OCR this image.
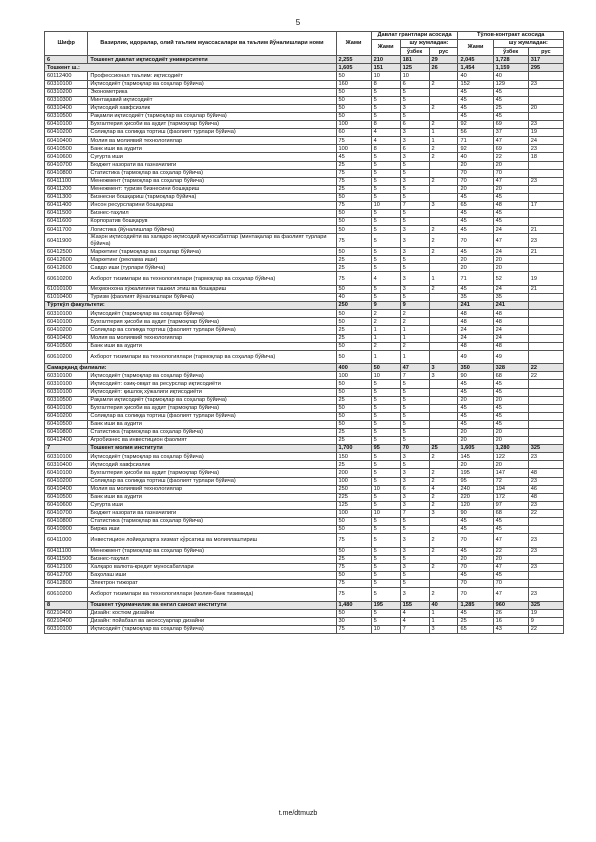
5
Шифр	Вазирлик, идоралар, олий таълим муассасалари ва таълим йўналишлари номи	Жами	Давлат грантлари асосида			Тўлов-контракт асосида		
			Жами	шу жумладан:		Жами	шу жумладан:	
				ўзбек	рус		ўзбек	рус
6	Тошкент давлат иқтисодиёт университети	2,255	210	181	29	2,045	1,728	317
Тошкент ш.:		1,605	151	125	26	1,454	1,159	295
60112400	Профессионал таълим: иқтисодиёт	50	10	10		40	40	
60310100	Иқтисодиёт (тармоқлар ва соҳалар бўйича)	160	8	6	2	152	129	23
60310200	Эконометрика	50	5	5		45	45	
60310300	Минтақавий иқтисодиёт	50	5	5		45	45	
60310400	Иқтисодий хавфсизлик	50	5	3	2	45	25	20
60310500	Рақамли иқтисодиёт (тармоқлар ва соҳалар бўйича)	50	5	5		45	45	
60410100	Бухгалтерия ҳисоби ва аудит (тармоқлар бўйича)	100	8	6	2	92	69	23
60410200	Солиқлар ва солиққа тортиш (фаолият турлари бўйича)	60	4	3	1	56	37	19
60410400	Молия ва молиявий технологиялар	75	4	3	1	71	47	24
60410500	Банк иши ва аудити	100	8	6	2	92	69	23
60410600	Суғурта иши	45	5	3	2	40	22	18
60410700	Бюджет назорати ва ғазначилиги	25	5	5		20	20	
60410800	Статистика (тармоқлар ва соҳалар бўйича)	75	5	5		70	70	
60411100	Менежмент (тармоқлар ва соҳалар бўйича)	75	5	3	2	70	47	23
60411200	Менежмент: туризм бизнесини бошқариш	25	5	5		20	20	
60411300	Бизнесни бошқариш (тармоқлар бўйича)	50	5	5		45	45	
60411400	Инсон ресурсларини бошқариш	75	10	7	3	65	48	17
60411500	Бизнес-таҳлил	50	5	5		45	45	
60411600	Корпоратив бошқарув	50	5	5		45	45	
60411700	Логистика (йўналишлар бўйича)	50	5	3	2	45	24	21
60411900	Жаҳон иқтисодиёти ва халқаро иқтисодий муносабатлар (минтақалар ва фаолият турлари бўйича)	75	5	3	2	70	47	23
60412500	Маркетинг (тармоқлар ва соҳалар бўйича)	50	5	3	2	45	24	21
60412600	Маркетинг (реклама иши)	25	5	5		20	20	
60412600	Савдо иши (турлари бўйича)	25	5	5		20	20	
60610200	Ахборот тизимлари ва технологиялари (тармоқлар ва соҳалар бўйича)	75	4	3	1	71	52	19
61010100	Меҳмонхона хўжалигини ташкил этиш ва бошқариш	50	5	3	2	45	24	21
61010400	Туризм (фаолият йўналишлари бўйича)	40	5	5		35	35	
Тўрткўл факультети:		250	9	9		241	241	
60310100	Иқтисодиёт (тармоқлар ва соҳалар бўйича)	50	2	2		48	48	
60410100	Бухгалтерия ҳисоби ва аудит (тармоқлар бўйича)	50	2	2		48	48	
60410200	Солиқлар ва солиққа тортиш (фаолият турлари бўйича)	25	1	1		24	24	
60410400	Молия ва молиявий технологиялар	25	1	1		24	24	
60410500	Банк иши ва аудити	50	2	2		48	48	
60610200	Ахборот тизимлари ва технологиялари (тармоқлар ва соҳалар бўйича)	50	1	1		49	49	
Самарқанд филиали:		400	50	47	3	350	328	22
60310100	Иқтисодиёт (тармоқлар ва соҳалар бўйича)	100	10	7	3	90	68	22
60310100	Иқтисодиёт: озиқ-овқат ва ресурслар иқтисодиёти	50	5	5		45	45	
60310100	Иқтисодиёт: қишлоқ хўжалиги иқтисодиёти	50	5	5		45	45	
60310500	Рақамли иқтисодиёт (тармоқлар ва соҳалар бўйича)	25	5	5		20	20	
60410100	Бухгалтерия ҳисоби ва аудит (тармоқлар бўйича)	50	5	5		45	45	
60410200	Солиқлар ва солиққа тортиш (фаолият турлари бўйича)	50	5	5		45	45	
60410500	Банк иши ва аудити	50	5	5		45	45	
60410800	Статистика (тармоқлар ва соҳалар бўйича)	25	5	5		20	20	
60412400	Агробизнес ва инвестицион фаолият	25	5	5		20	20	
7	Тошкент молия институти	1,700	95	70	25	1,605	1,280	325
60310100	Иқтисодиёт (тармоқлар ва соҳалар бўйича)	150	5	3	2	145	122	23
60310400	Иқтисодий хавфсизлик	25	5	5		20	20	
60410100	Бухгалтерия ҳисоби ва аудит (тармоқлар бўйича)	200	5	3	2	195	147	48
60410200	Солиқлар ва солиққа тортиш (фаолият турлари бўйича)	100	5	3	2	95	72	23
60410400	Молия ва молиявий технологиялар	250	10	6	4	240	194	46
60410500	Банк иши ва аудити	225	5	3	2	220	172	48
60410600	Суғурта иши	125	5	3	2	120	97	23
60410700	Бюджет назорати ва ғазначилиги	100	10	7	3	90	68	22
60410800	Статистика (тармоқлар ва соҳалар бўйича)	50	5	5		45	45	
60410900	Биржа иши	50	5	5		45	45	
60411000	Инвестицион лойиҳаларга хизмат кўрсатиш ва молиялаштириш	75	5	3	2	70	47	23
60411100	Менежмент (тармоқлар ва соҳалар бўйича)	50	5	3	2	45	22	23
60411500	Бизнес-таҳлил	25	5	5		20	20	
60412100	Халқаро валюта-кредит муносабатлари	75	5	3	2	70	47	23
60412700	Баҳолаш иши	50	5	5		45	45	
60412800	Электрон тижорат	75	5	5		70	70	
60610200	Ахборот тизимлари ва технологиялари (молия-банк тизимида)	75	5	3	2	70	47	23
8	Тошкент тўқимачилик ва енгил саноат институти	1,480	195	155	40	1,285	960	325
60210400	Дизайн: костюм дизайни	50	5	4	1	45	26	19
60210400	Дизайн: пойабзал ва аксессуарлар дизайни	30	5	4	1	25	16	9
60310100	Иқтисодиёт (тармоқлар ва соҳалар бўйича)	75	10	7	3	65	43	22
t.me/dtmuzb
